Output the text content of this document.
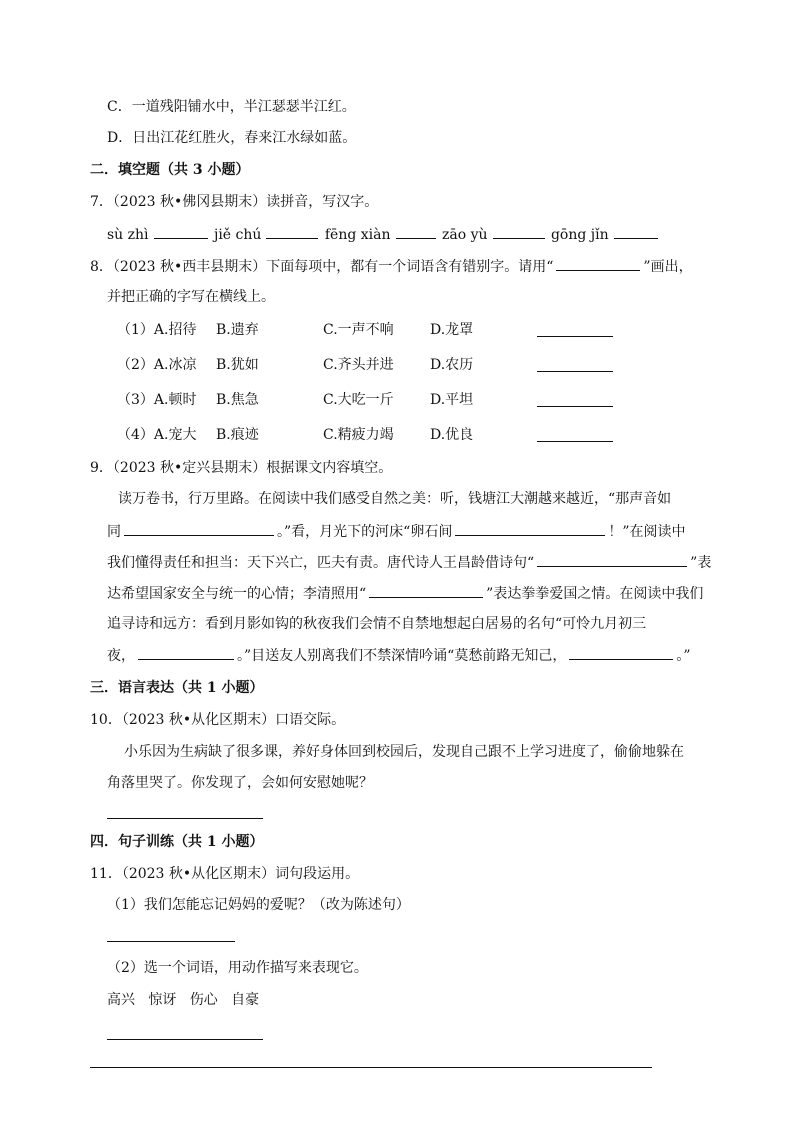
C．一道残阳铺水中，半江瑟瑟半江红。
D．日出江花红胜火，春来江水绿如蓝。
二．填空题（共 3 小题）
7．（2023 秋•佛冈县期末）读拼音，写汉字。
sù zhì	jiě chú	fēng xiàn	zāo yù	gōng jǐn
8．（2023 秋•西丰县期末）下面每项中，都有一个词语含有错别字。请用“	”画出，
并把正确的字写在横线上。
（1）A.招待 B.遗弃	C.一声不响	D.龙罩
（2）A.冰凉 B.犹如	C.齐头并进	D.农历
（3）A.顿时 B.焦急	C.大吃一斤	D.平坦
（4）A.宠大 B.痕迹	C.精疲力竭	D.优良
9．（2023 秋•定兴县期末）根据课文内容填空。
读万卷书，行万里路。在阅读中我们感受自然之美：听，钱塘江大潮越来越近，“那声音如
同	。”看，月光下的河床“卵石间	！”在阅读中
我们懂得责任和担当：天下兴亡，匹夫有责。唐代诗人王昌龄借诗句“	”表
达希望国家安全与统一的心情；李清照用“	”表达拳拳爱国之情。在阅读中我们
追寻诗和远方：看到月影如钩的秋夜我们会情不自禁地想起白居易的名句“可怜九月初三
夜，	。”目送友人别离我们不禁深情吟诵“莫愁前路无知己，	。”
三．语言表达（共 1 小题）
10．（2023 秋•从化区期末）口语交际。
小乐因为生病缺了很多课，养好身体回到校园后，发现自己跟不上学习进度了，偷偷地躲在
角落里哭了。你发现了，会如何安慰她呢？
四．句子训练（共 1 小题）
11．（2023 秋•从化区期末）词句段运用。
（1）我们怎能忘记妈妈的爱呢？（改为陈述句）
（2）选一个词语，用动作描写来表现它。
高兴 惊讶 伤心 自豪
